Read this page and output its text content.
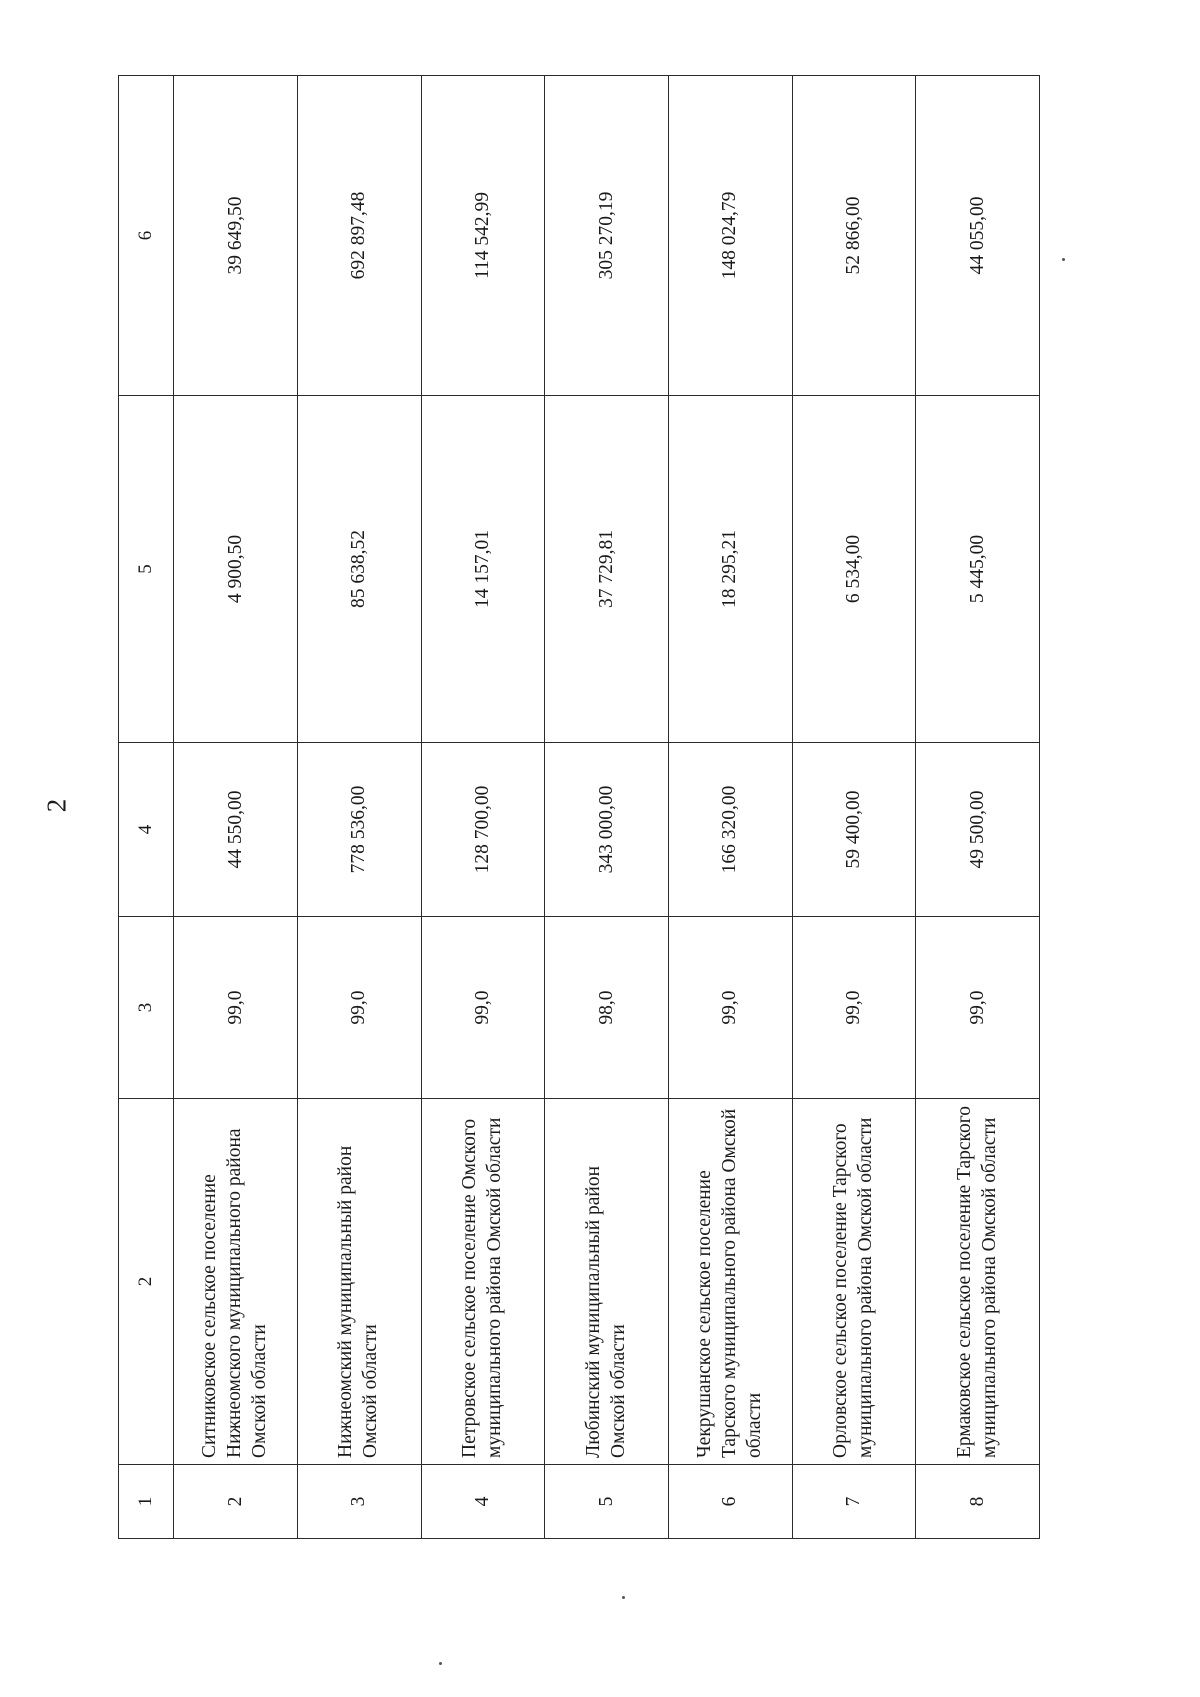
2
1	2	3	4	5	6
2	Ситниковское сельское поселение Нижнеомского муниципального района Омской области	99,0	44 550,00	4 900,50	39 649,50
3	Нижнеомский муниципальный район Омской области	99,0	778 536,00	85 638,52	692 897,48
4	Петровское сельское поселение Омского муниципального района Омской области	99,0	128 700,00	14 157,01	114 542,99
5	Любинский муниципальный район Омской области	98,0	343 000,00	37 729,81	305 270,19
6	Чекрушанское сельское поселение Тарского муниципального района Омской области	99,0	166 320,00	18 295,21	148 024,79
7	Орловское сельское поселение Тарского муниципального района Омской области	99,0	59 400,00	6 534,00	52 866,00
8	Ермаковское сельское поселение Тарского муниципального района Омской области	99,0	49 500,00	5 445,00	44 055,00
